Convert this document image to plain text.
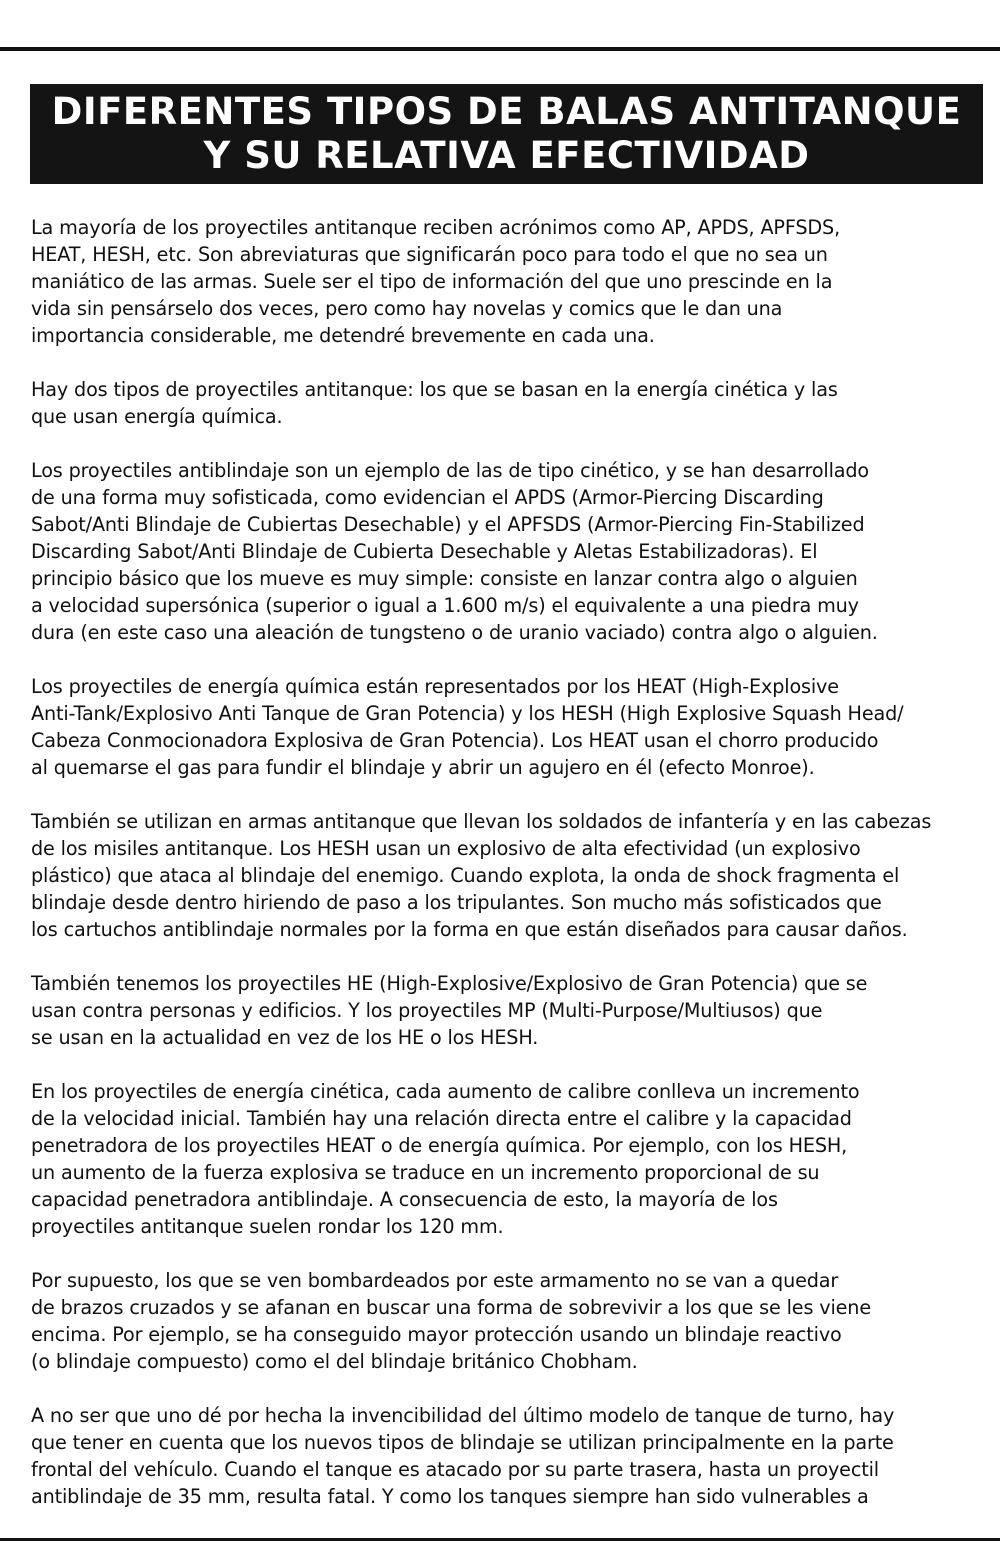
DIFERENTES TIPOS DE BALAS ANTITANQUE
Y SU RELATIVA EFECTIVIDAD

La mayoría de los proyectiles antitanque reciben acrónimos como AP, APDS, APFSDS,
HEAT, HESH, etc. Son abreviaturas que significarán poco para todo el que no sea un
maniático de las armas. Suele ser el tipo de información del que uno prescinde en la
vida sin pensárselo dos veces, pero como hay novelas y comics que le dan una
importancia considerable, me detendré brevemente en cada una.

Hay dos tipos de proyectiles antitanque: los que se basan en la energía cinética y las
que usan energía química.

Los proyectiles antiblindaje son un ejemplo de las de tipo cinético, y se han desarrollado
de una forma muy sofisticada, como evidencian el APDS (Armor-Piercing Discarding
Sabot/Anti Blindaje de Cubiertas Desechable) y el APFSDS (Armor-Piercing Fin-Stabilized
Discarding Sabot/Anti Blindaje de Cubierta Desechable y Aletas Estabilizadoras). El
principio básico que los mueve es muy simple: consiste en lanzar contra algo o alguien
a velocidad supersónica (superior o igual a 1.600 m/s) el equivalente a una piedra muy
dura (en este caso una aleación de tungsteno o de uranio vaciado) contra algo o alguien.

Los proyectiles de energía química están representados por los HEAT (High-Explosive
Anti-Tank/Explosivo Anti Tanque de Gran Potencia) y los HESH (High Explosive Squash Head/
Cabeza Conmocionadora Explosiva de Gran Potencia). Los HEAT usan el chorro producido
al quemarse el gas para fundir el blindaje y abrir un agujero en él (efecto Monroe).

También se utilizan en armas antitanque que llevan los soldados de infantería y en las cabezas
de los misiles antitanque. Los HESH usan un explosivo de alta efectividad (un explosivo
plástico) que ataca al blindaje del enemigo. Cuando explota, la onda de shock fragmenta el
blindaje desde dentro hiriendo de paso a los tripulantes. Son mucho más sofisticados que
los cartuchos antiblindaje normales por la forma en que están diseñados para causar daños.

También tenemos los proyectiles HE (High-Explosive/Explosivo de Gran Potencia) que se
usan contra personas y edificios. Y los proyectiles MP (Multi-Purpose/Multiusos) que
se usan en la actualidad en vez de los HE o los HESH.

En los proyectiles de energía cinética, cada aumento de calibre conlleva un incremento
de la velocidad inicial. También hay una relación directa entre el calibre y la capacidad
penetradora de los proyectiles HEAT o de energía química. Por ejemplo, con los HESH,
un aumento de la fuerza explosiva se traduce en un incremento proporcional de su
capacidad penetradora antiblindaje. A consecuencia de esto, la mayoría de los
proyectiles antitanque suelen rondar los 120 mm.

Por supuesto, los que se ven bombardeados por este armamento no se van a quedar
de brazos cruzados y se afanan en buscar una forma de sobrevivir a los que se les viene
encima. Por ejemplo, se ha conseguido mayor protección usando un blindaje reactivo
(o blindaje compuesto) como el del blindaje británico Chobham.

A no ser que uno dé por hecha la invencibilidad del último modelo de tanque de turno, hay
que tener en cuenta que los nuevos tipos de blindaje se utilizan principalmente en la parte
frontal del vehículo. Cuando el tanque es atacado por su parte trasera, hasta un proyectil
antiblindaje de 35 mm, resulta fatal. Y como los tanques siempre han sido vulnerables a
